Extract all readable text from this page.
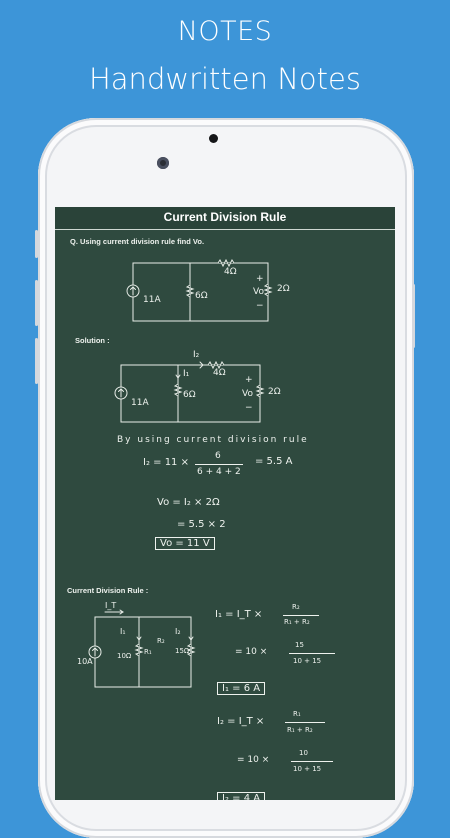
NOTES
Handwritten Notes
Current Division Rule
Q. Using current division rule find Vo.
11A	6Ω
4Ω
2Ω
Vo
+
−
Solution :
11A
6Ω
4Ω
2Ω
Vo
+
−
I₁
I₂
By using current division rule
I₂ = 11 ×
6
6 + 4 + 2
= 5.5 A
Vo = I₂ × 2Ω
= 5.5 × 2
Vo = 11 V
Current Division Rule :
I_T
I₁	I₂
10A
10Ω R₁
R₂
15Ω
I₁ = I_T ×
R₂
R₁ + R₂
= 10 ×
15
10 + 15
I₁ = 6 A
I₂ = I_T ×
R₁
R₁ + R₂
= 10 ×
10
10 + 15
I₂ = 4 A
